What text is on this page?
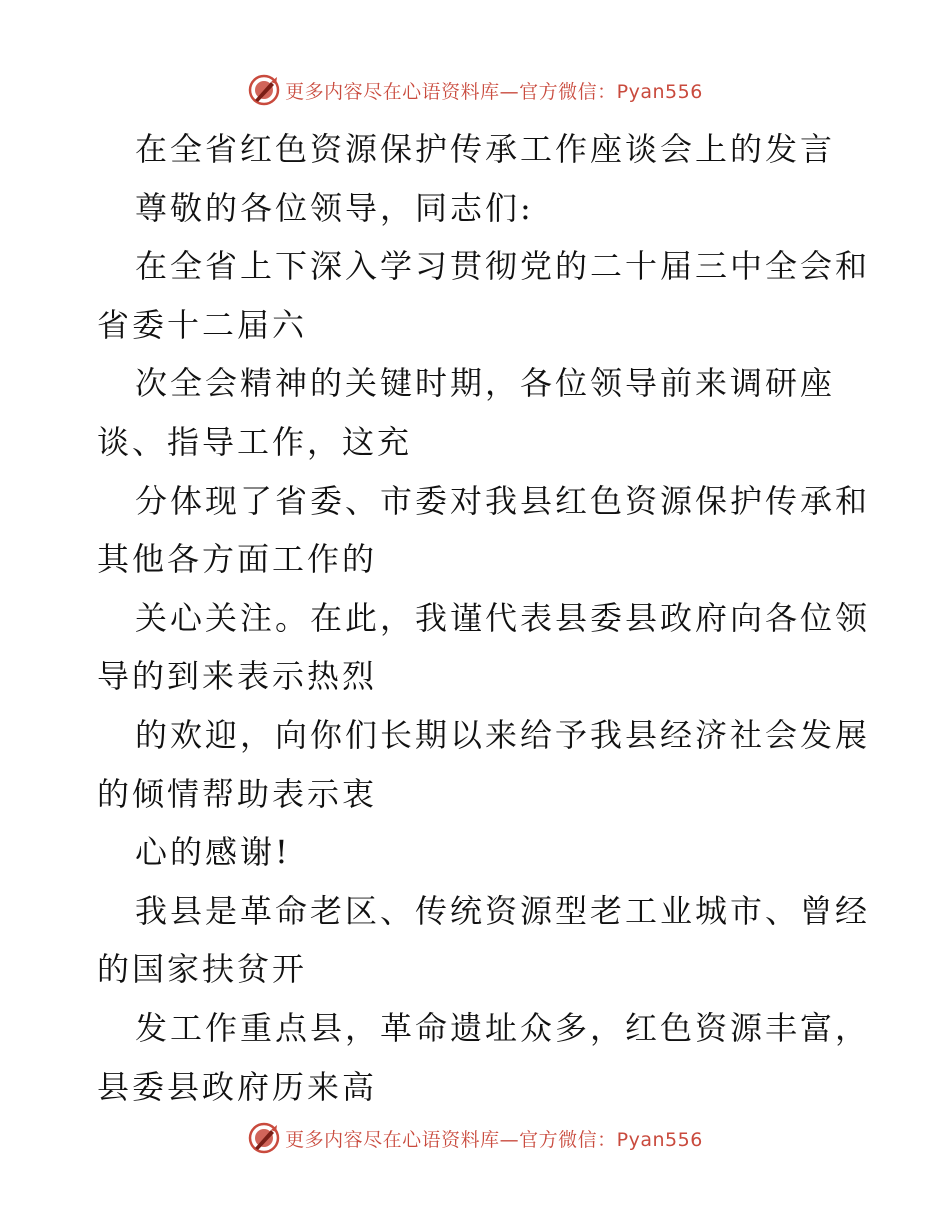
更多内容尽在心语资料库—官方微信：Pyan556
在全省红色资源保护传承工作座谈会上的发言
尊敬的各位领导，同志们:
在全省上下深入学习贯彻党的二十届三中全会和
省委十二届六
次全会精神的关键时期，各位领导前来调研座
谈、指导工作，这充
分体现了省委、市委对我县红色资源保护传承和
其他各方面工作的
关心关注。在此，我谨代表县委县政府向各位领
导的到来表示热烈
的欢迎，向你们长期以来给予我县经济社会发展
的倾情帮助表示衷
心的感谢!
我县是革命老区、传统资源型老工业城市、曾经
的国家扶贫开
发工作重点县，革命遗址众多，红色资源丰富，
县委县政府历来高
更多内容尽在心语资料库—官方微信：Pyan556
